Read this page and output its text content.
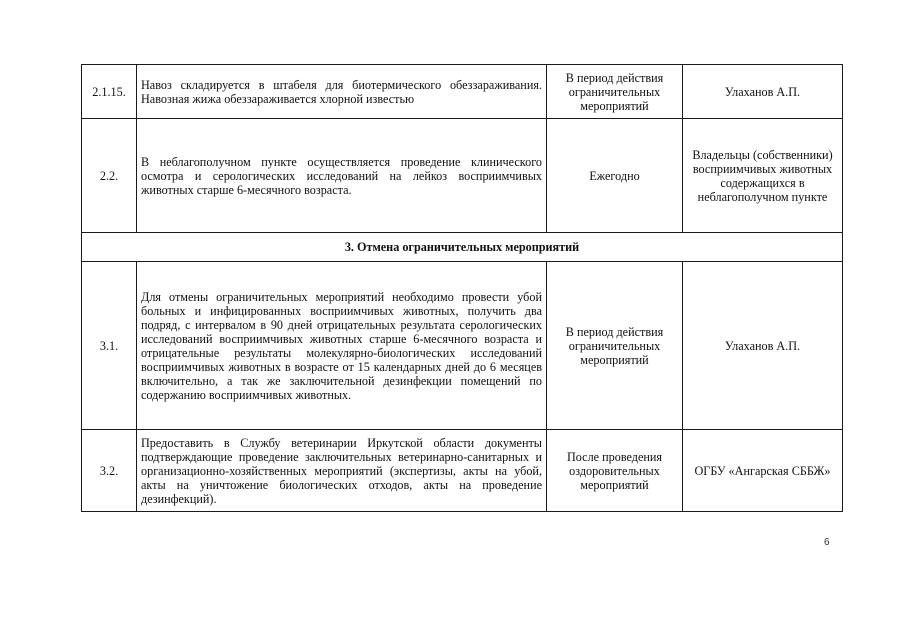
2.1.15.	Навоз складируется в штабеля для биотермического обеззараживания. Навозная жижа обеззараживается хлорной известью	В период действия ограничительных мероприятий	Улаханов А.П.
2.2.	В неблагополучном пункте осуществляется проведение клинического осмотра и серологических исследований на лейкоз восприимчивых животных старше 6-месячного возраста.	Ежегодно	Владельцы (собственники) восприимчивых животных содержащихся в неблагополучном пункте
3. Отмена ограничительных мероприятий			
3.1.	Для отмены ограничительных мероприятий необходимо провести убой больных и инфицированных восприимчивых животных, получить два подряд, с интервалом в 90 дней отрицательных результата серологических исследований восприимчивых животных старше 6-месячного возраста и отрицательные результаты молекулярно-биологических исследований восприимчивых животных в возрасте от 15 календарных дней до 6 месяцев включительно, а так же заключительной дезинфекции помещений по содержанию восприимчивых животных.	В период действия ограничительных мероприятий	Улаханов А.П.
3.2.	Предоставить в Службу ветеринарии Иркутской области документы подтверждающие проведение заключительных ветеринарно-санитарных и организационно-хозяйственных мероприятий (экспертизы, акты на убой, акты на уничтожение биологических отходов, акты на проведение дезинфекций).	После проведения оздоровительных мероприятий	ОГБУ «Ангарская СББЖ»
6
